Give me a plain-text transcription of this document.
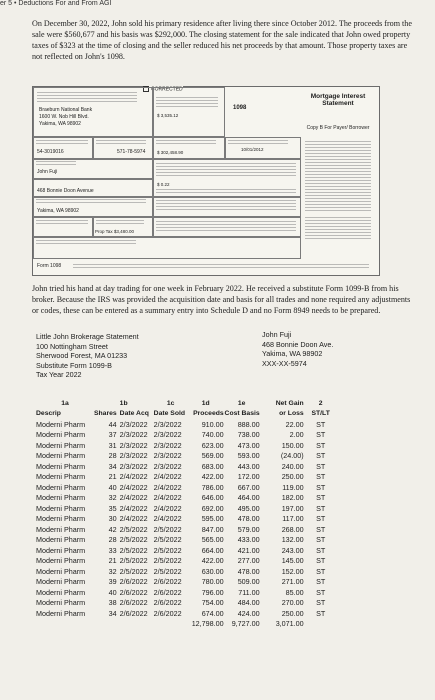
er 5 • Deductions For and From AGI

On December 30, 2022, John sold his primary residence after living there since October 2012. The proceeds from the sale were $560,677 and his basis was $292,000. The closing statement for the sale indicated that John owed property taxes of $323 at the time of closing and the seller reduced his net proceeds by that amount. Those property taxes are not reflected on John's 1098.

CORRECTED
Braeburn National Bank
1600 W. Nob Hill Blvd.
Yakima, WA 98902
$ 3,535.12
1098
Mortgage Interest Statement
54-3019016	571-78-5974	$ 302,458.90
10/01/2012
Copy B For Payer/ Borrower
John Fuji
$ 0.22
468 Bonnie Doon Avenue
Yakima, WA 98902
Prop Tax $3,480.00
Form 1098

John tried his hand at day trading for one week in February 2022. He received a substitute Form 1099-B from his broker. Because the IRS was provided the acquisition date and basis for all trades and none required any adjustments or codes, these can be entered as a summary entry into Schedule D and no Form 8949 needs to be prepared.

Little John Brokerage Statement
100 Nottingham Street
Sherwood Forest, MA 01233
Substitute Form 1099-B
Tax Year 2022
John Fuji
468 Bonnie Doon Ave.
Yakima, WA 98902
XXX-XX-5974
1a		1b	1c	1d	1e	Net Gain	2
Descrip	Shares	Date Acq	Date Sold	Proceeds	Cost Basis	or Loss	ST/LT
Moderni Pharm	44	2/3/2022	2/3/2022	910.00	888.00	22.00	ST
Moderni Pharm	37	2/3/2022	2/3/2022	740.00	738.00	2.00	ST
Moderni Pharm	31	2/3/2022	2/3/2022	623.00	473.00	150.00	ST
Moderni Pharm	28	2/3/2022	2/3/2022	569.00	593.00	(24.00)	ST
Moderni Pharm	34	2/3/2022	2/3/2022	683.00	443.00	240.00	ST
Moderni Pharm	21	2/4/2022	2/4/2022	422.00	172.00	250.00	ST
Moderni Pharm	40	2/4/2022	2/4/2022	786.00	667.00	119.00	ST
Moderni Pharm	32	2/4/2022	2/4/2022	646.00	464.00	182.00	ST
Moderni Pharm	35	2/4/2022	2/4/2022	692.00	495.00	197.00	ST
Moderni Pharm	30	2/4/2022	2/4/2022	595.00	478.00	117.00	ST
Moderni Pharm	42	2/5/2022	2/5/2022	847.00	579.00	268.00	ST
Moderni Pharm	28	2/5/2022	2/5/2022	565.00	433.00	132.00	ST
Moderni Pharm	33	2/5/2022	2/5/2022	664.00	421.00	243.00	ST
Moderni Pharm	21	2/5/2022	2/5/2022	422.00	277.00	145.00	ST
Moderni Pharm	32	2/5/2022	2/5/2022	630.00	478.00	152.00	ST
Moderni Pharm	39	2/6/2022	2/6/2022	780.00	509.00	271.00	ST
Moderni Pharm	40	2/6/2022	2/6/2022	796.00	711.00	85.00	ST
Moderni Pharm	38	2/6/2022	2/6/2022	754.00	484.00	270.00	ST
Moderni Pharm	34	2/6/2022	2/6/2022	674.00	424.00	250.00	ST
				12,798.00	9,727.00	3,071.00	
